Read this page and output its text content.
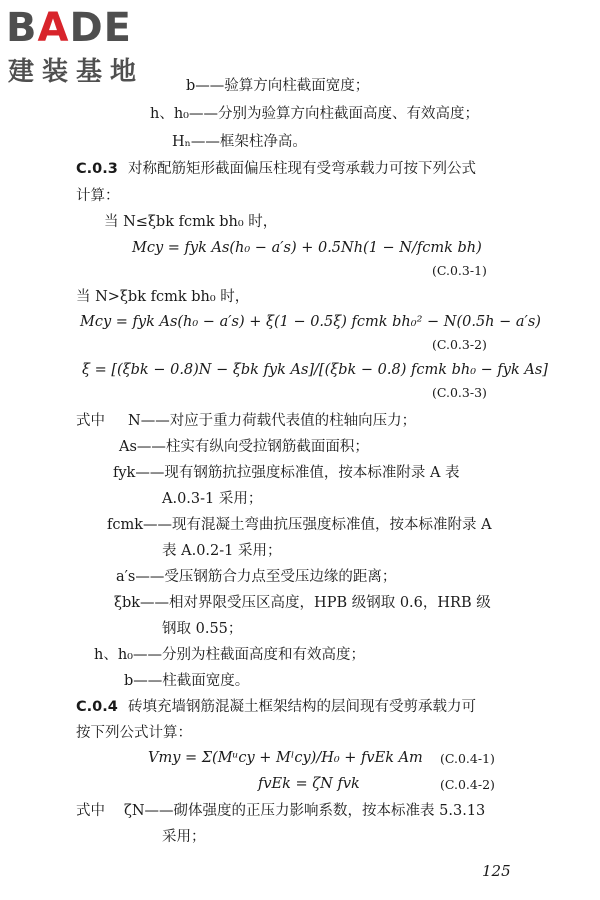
BADE
建装基地	b——验算方向柱截面宽度；
h、h₀——分别为验算方向柱截面高度、有效高度；
Hₙ——框架柱净高。
C.0.3 对称配筋矩形截面偏压柱现有受弯承载力可按下列公式
计算：
当 N≤ξbk fcmk bh₀ 时，
Mcy = fyk As(h₀ − a′s) + 0.5Nh(1 − N/fcmk bh)
(C.0.3-1)
当 N>ξbk fcmk bh₀ 时，
Mcy = fyk As(h₀ − a′s) + ξ(1 − 0.5ξ) fcmk bh₀² − N(0.5h − a′s)
(C.0.3-2)
ξ = [(ξbk − 0.8)N − ξbk fyk As]/[(ξbk − 0.8) fcmk bh₀ − fyk As]
(C.0.3-3)
式中 N——对应于重力荷载代表值的柱轴向压力；
As——柱实有纵向受拉钢筋截面面积；
fyk——现有钢筋抗拉强度标准值，按本标准附录 A 表
A.0.3-1 采用；
fcmk——现有混凝土弯曲抗压强度标准值，按本标准附录 A
表 A.0.2-1 采用；
a′s——受压钢筋合力点至受压边缘的距离；
ξbk——相对界限受压区高度，HPB 级钢取 0.6，HRB 级
钢取 0.55；
h、h₀——分别为柱截面高度和有效高度；
b——柱截面宽度。
C.0.4 砖填充墙钢筋混凝土框架结构的层间现有受剪承载力可
按下列公式计算：
Vmy = Σ(Mᵘcy + Mˡcy)/H₀ + fvEk Am (C.0.4-1)
fvEk = ζN fvk	(C.0.4-2)
式中 ζN——砌体强度的正压力影响系数，按本标准表 5.3.13
采用；
125
